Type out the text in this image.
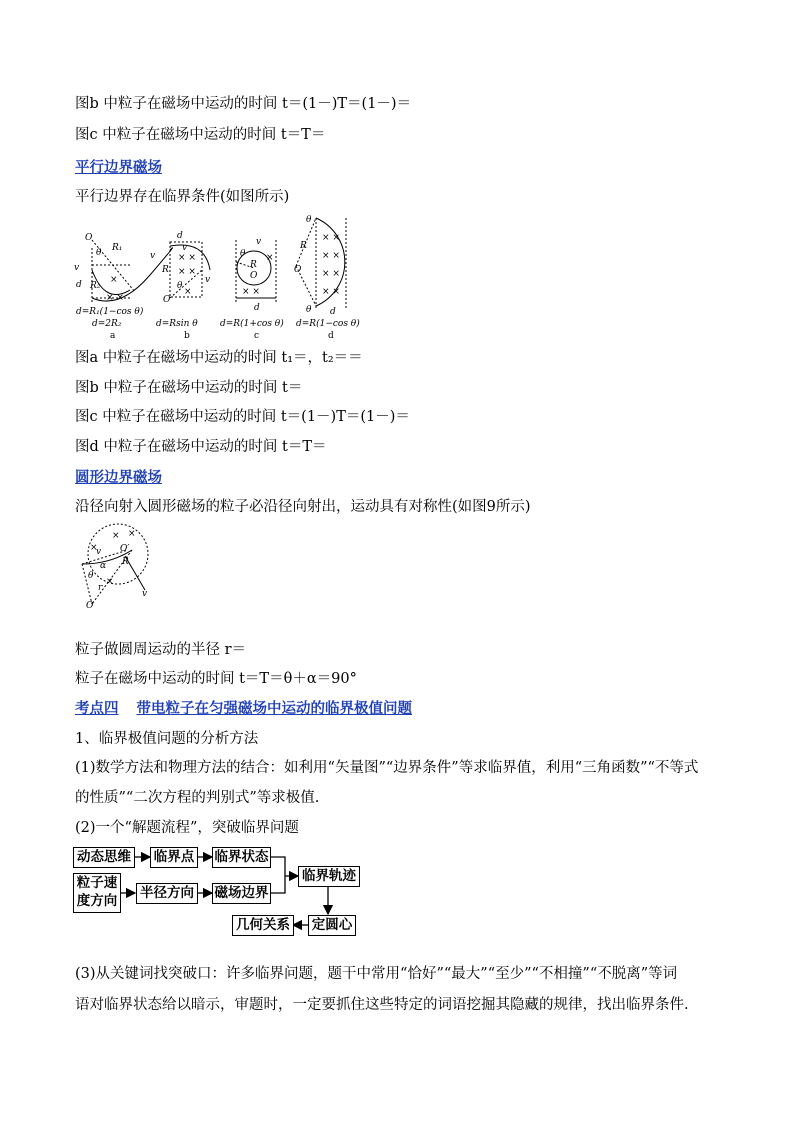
图b 中粒子在磁场中运动的时间 t＝(1－)T＝(1－)＝
图c 中粒子在磁场中运动的时间 t＝T＝
平行边界磁场
平行边界存在临界条件(如图所示)
O
θ R₁
v
v
d R₂
× ×
×
d=R₁(1−cos θ)
d=2R₂
a
d
v
R
θ
O
v
× ×
× ×
×
d=Rsin θ
b
v
θ
R
O
d
× ×
×
d=R(1+cos θ)
c
θ
R
O
θ d
× ×
× ×
× ×
× ×
d=R(1−cos θ)
d
图a 中粒子在磁场中运动的时间 t₁＝，t₂＝＝
图b 中粒子在磁场中运动的时间 t＝
图c 中粒子在磁场中运动的时间 t＝(1－)T＝(1－)＝
图d 中粒子在磁场中运动的时间 t＝T＝
圆形边界磁场
沿径向射入圆形磁场的粒子必沿径向射出，运动具有对称性(如图9所示)
×
v O′
×
×
R
α
θ
×
r
O
v
粒子做圆周运动的半径 r＝
粒子在磁场中运动的时间 t＝T＝θ＋α＝90°
考点四 带电粒子在匀强磁场中运动的临界极值问题
1、临界极值问题的分析方法
(1)数学方法和物理方法的结合：如利用“矢量图”“边界条件”等求临界值，利用“三角函数”“不等式
的性质”“二次方程的判别式”等求极值.
(2)一个“解题流程”，突破临界问题
动态思维 临界点 临界状态
粒子速
度方向 半径方向 磁场边界
临界轨迹
定圆心
几何关系
(3)从关键词找突破口：许多临界问题，题干中常用“恰好”“最大”“至少”“不相撞”“不脱离”等词
语对临界状态给以暗示，审题时，一定要抓住这些特定的词语挖掘其隐藏的规律，找出临界条件.
